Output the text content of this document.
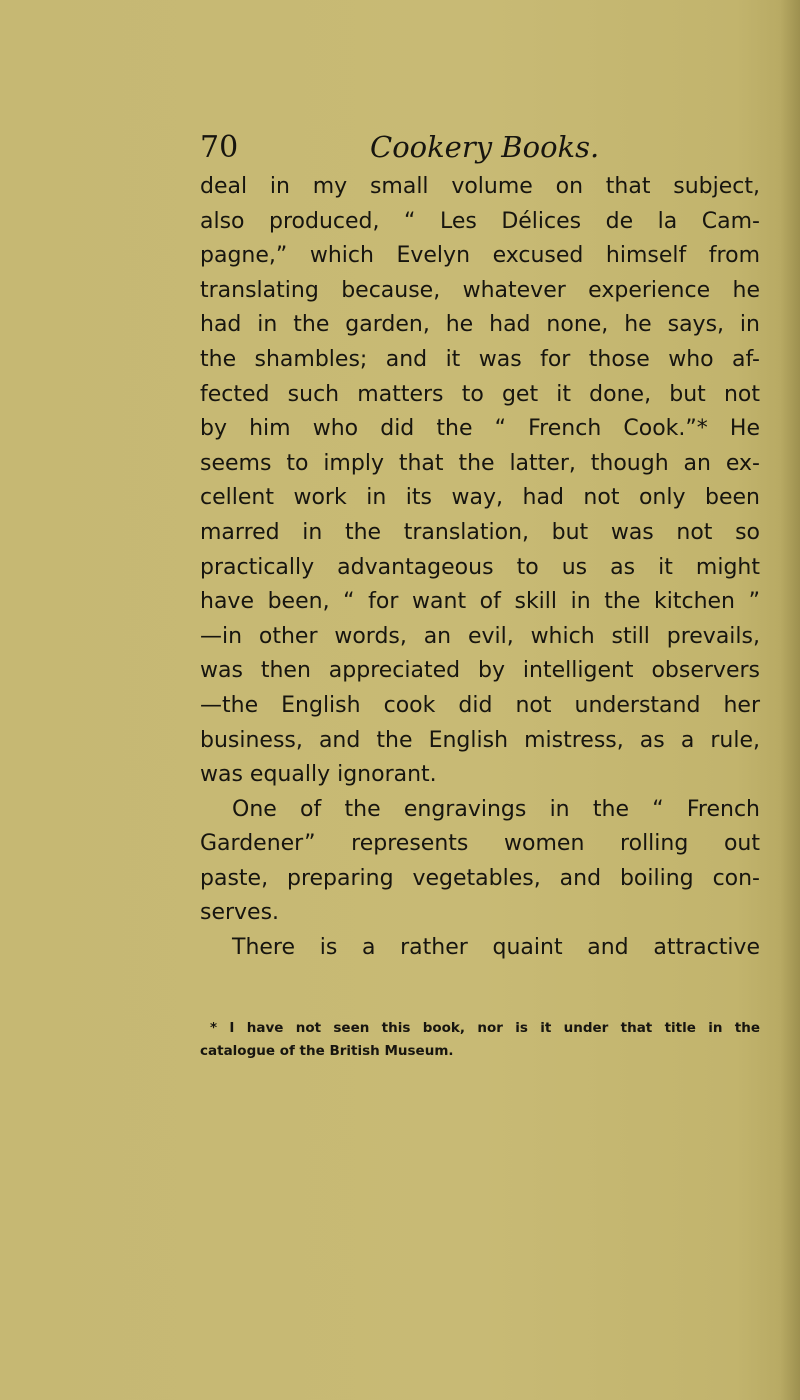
70	Cookery Books.
deal in my small volume on that subject,
also produced, “ Les Délices de la Cam-
pagne,” which Evelyn excused himself from
translating because, whatever experience he
had in the garden, he had none, he says, in
the shambles; and it was for those who af-
fected such matters to get it done, but not
by him who did the “ French Cook.”* He
seems to imply that the latter, though an ex-
cellent work in its way, had not only been
marred in the translation, but was not so
practically advantageous to us as it might
have been, “ for want of skill in the kitchen ”
—in other words, an evil, which still prevails,
was then appreciated by intelligent observers
—the English cook did not understand her
business, and the English mistress, as a rule,
was equally ignorant.
One of the engravings in the “ French
Gardener” represents women rolling out
paste, preparing vegetables, and boiling con-
serves.
There is a rather quaint and attractive
* I have not seen this book, nor is it under that title in the
catalogue of the British Museum.
